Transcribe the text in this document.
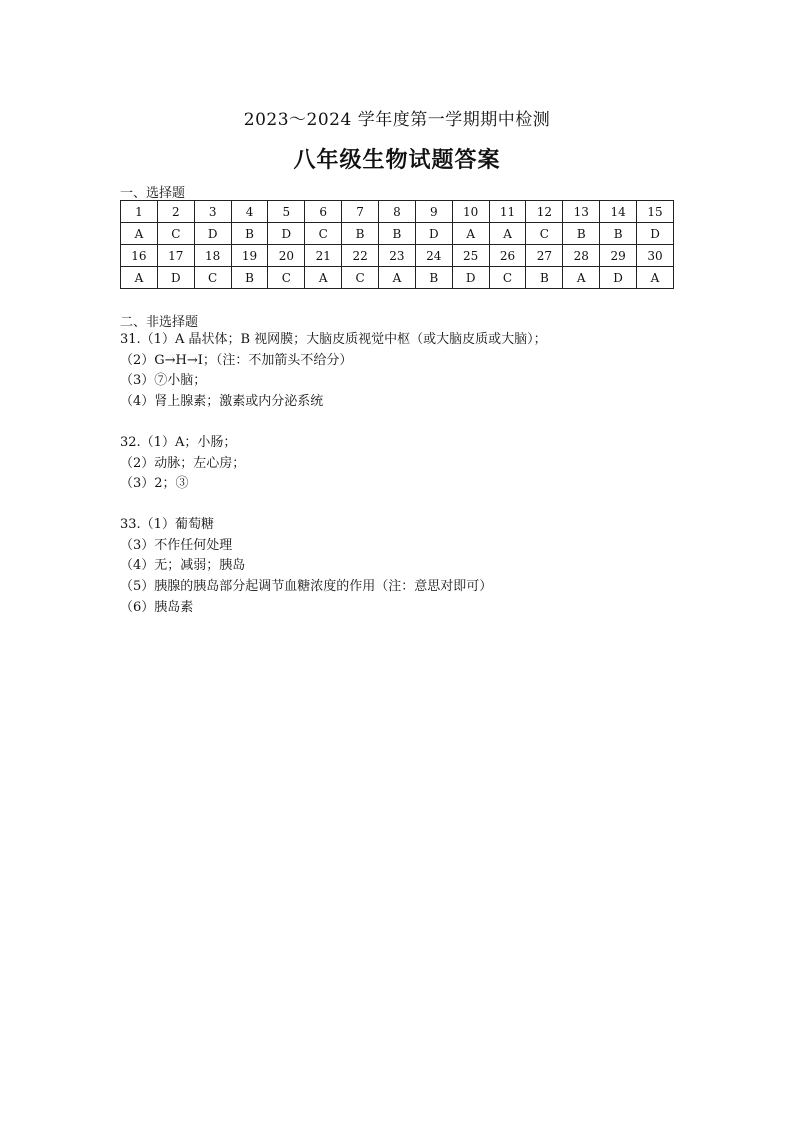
2023～2024 学年度第一学期期中检测
八年级生物试题答案
一、选择题
1	2	3	4	5	6	7	8	9	10	11	12	13	14	15
A	C	D	B	D	C	B	B	D	A	A	C	B	B	D
16	17	18	19	20	21	22	23	24	25	26	27	28	29	30
A	D	C	B	C	A	C	A	B	D	C	B	A	D	A
二、非选择题
31.（1）A 晶状体；B 视网膜；大脑皮质视觉中枢（或大脑皮质或大脑）；
（2）G→H→I；（注：不加箭头不给分）
（3）⑦小脑；
（4）肾上腺素；激素或内分泌系统
32.（1）A；小肠；
（2）动脉；左心房；
（3）2；③
33.（1）葡萄糖
（3）不作任何处理
（4）无；减弱；胰岛
（5）胰腺的胰岛部分起调节血糖浓度的作用（注：意思对即可）
（6）胰岛素
